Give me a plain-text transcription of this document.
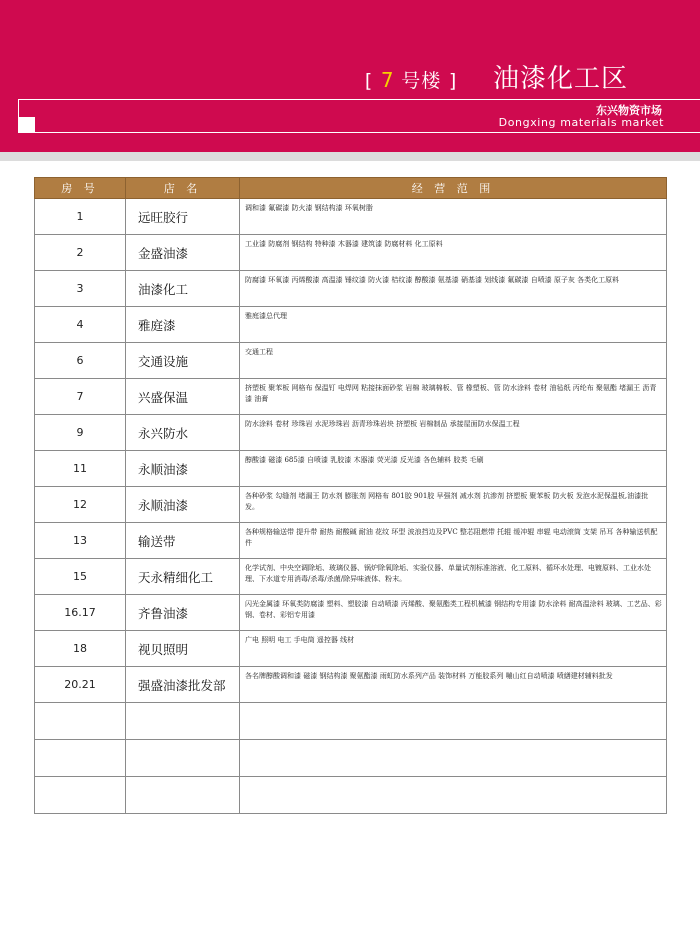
[ 7 号楼 ] 油漆化工区
东兴物资市场
Dongxing materials market
房 号	店 名	经 营 范 围
1	远旺胶行	调和漆 氟碳漆 防火漆 钢结构漆 环氧树脂
2	金盛油漆	工业漆 防腐剂 钢结构 特种漆 木器漆 建筑漆 防腐材料 化工原料
3	油漆化工	防腐漆 环氧漆 丙烯酸漆 高温漆 锤纹漆 防火漆 桔纹漆 醇酸漆 氨基漆 硝基漆 划线漆 氟碳漆 自喷漆 原子灰 各类化工原料
4	雅庭漆	雅庭漆总代理
6	交通设施	交通工程
7	兴盛保温	挤塑板 聚苯板 网格布 保温钉 电焊网 粘接抹面砂浆 岩棉 玻璃棉板、管 橡塑板、管 防水涂料 卷材 油毡纸 丙纶布 聚氨酯 堵漏王 沥青漆 油膏
9	永兴防水	防水涂料 卷材 珍珠岩 水泥珍珠岩 沥青珍珠岩块 挤塑板 岩棉制品 承接屋面防水保温工程
11	永顺油漆	醇酸漆 磁漆 685漆 自喷漆 乳胶漆 木器漆 荧光漆 反光漆 各色辅料 胶类 毛刷
12	永顺油漆	各种砂浆 勾缝剂 堵漏王 防水剂 膨胀剂 网格布 801胶 901胶 早强剂 减水剂 抗渗剂 挤塑板 聚苯板 防火板 发泡水泥保温板,油漆批发。
13	输送带	各种规格输送带 提升带 耐热 耐酸碱 耐油 花纹 环型 波浪挡边及PVC 整芯阻燃带 托辊 缓冲辊 串辊 电动滚筒 支架 吊耳 各种输送机配件
15	天永精细化工	化学试剂、中央空调除垢、玻璃仪器、锅炉除氧除垢、实验仪器、单量试剂标准溶液、化工原料、循环水处理、电镀原料、工业水处理、下水道专用消毒/杀毒/杀菌/除异味液体、粉末。
16.17	齐鲁油漆	闪光金属漆 环氧类防腐漆 塑料、塑胶漆 自动喷漆 丙烯酸、聚氨酯类工程机械漆 钢结构专用漆 防水涂料 耐高温涂料 玻璃、工艺品、彩钢、卷材、彩铝专用漆
18	视贝照明	广电 照明 电工 手电筒 遥控器 线材
20.21	强盛油漆批发部	各名牌醇酸调和漆 磁漆 钢结构漆 聚氨酯漆 雨虹防水系列产品 装饰材料 万能胶系列 嘣山红自动喷漆 喷繕建材辅料批发
